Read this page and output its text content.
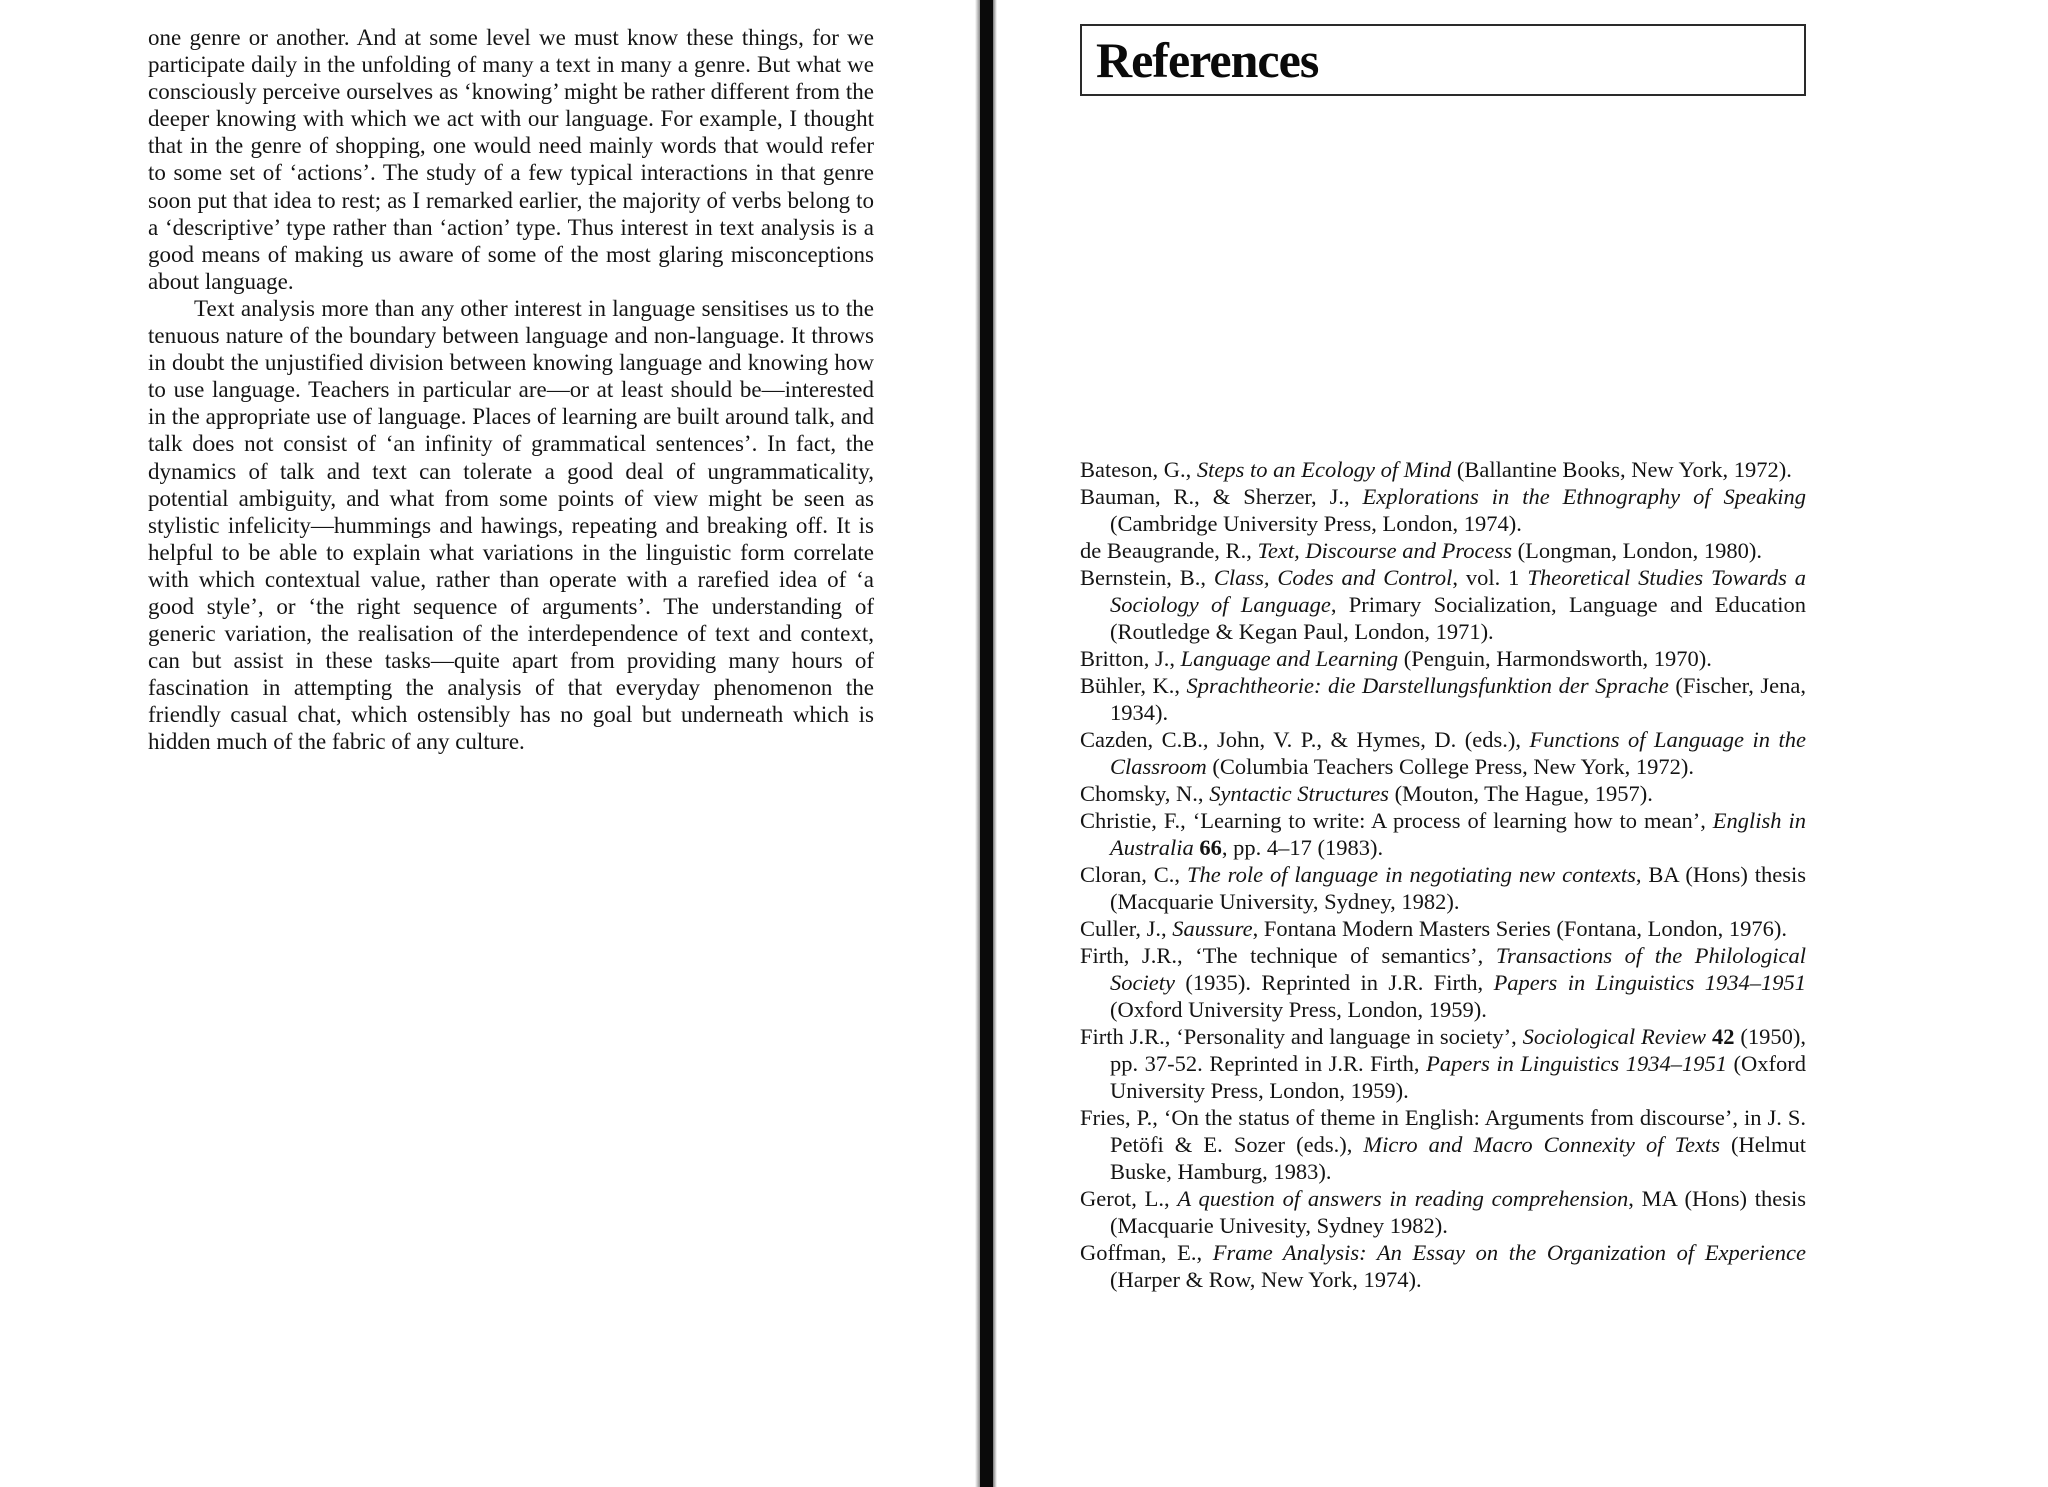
one genre or another. And at some level we must know these things, for we participate daily in the unfolding of many a text in many a genre. But what we consciously perceive ourselves as ‘knowing’ might be rather different from the deeper knowing with which we act with our language. For example, I thought that in the genre of shopping, one would need mainly words that would refer to some set of ‘actions’. The study of a few typical interactions in that genre soon put that idea to rest; as I remarked earlier, the majority of verbs belong to a ‘descriptive’ type rather than ‘action’ type. Thus interest in text analysis is a good means of making us aware of some of the most glaring misconceptions about language.

Text analysis more than any other interest in language sensitises us to the tenuous nature of the boundary between language and non-language. It throws in doubt the unjustified division between knowing language and knowing how to use language. Teachers in particular are—or at least should be—interested in the appropriate use of language. Places of learning are built around talk, and talk does not consist of ‘an infinity of grammatical sentences’. In fact, the dynamics of talk and text can tolerate a good deal of ungrammaticality, potential ambiguity, and what from some points of view might be seen as stylistic infelicity—hummings and hawings, repeating and breaking off. It is helpful to be able to explain what variations in the linguistic form correlate with which contextual value, rather than operate with a rarefied idea of ‘a good style’, or ‘the right sequence of arguments’. The understanding of generic variation, the realisation of the interdependence of text and context, can but assist in these tasks—quite apart from providing many hours of fascination in attempting the analysis of that everyday phenomenon the friendly casual chat, which ostensibly has no goal but underneath which is hidden much of the fabric of any culture.

References
Bateson, G., Steps to an Ecology of Mind (Ballantine Books, New York, 1972).
Bauman, R., & Sherzer, J., Explorations in the Ethnography of Speaking (Cambridge University Press, London, 1974).
de Beaugrande, R., Text, Discourse and Process (Longman, London, 1980).
Bernstein, B., Class, Codes and Control, vol. 1 Theoretical Studies Towards a Sociology of Language, Primary Socialization, Language and Education (Routledge & Kegan Paul, London, 1971).
Britton, J., Language and Learning (Penguin, Harmondsworth, 1970).
Bühler, K., Sprachtheorie: die Darstellungsfunktion der Sprache (Fischer, Jena, 1934).
Cazden, C.B., John, V. P., & Hymes, D. (eds.), Functions of Language in the Classroom (Columbia Teachers College Press, New York, 1972).
Chomsky, N., Syntactic Structures (Mouton, The Hague, 1957).
Christie, F., ‘Learning to write: A process of learning how to mean’, English in Australia 66, pp. 4–17 (1983).
Cloran, C., The role of language in negotiating new contexts, BA (Hons) thesis (Macquarie University, Sydney, 1982).
Culler, J., Saussure, Fontana Modern Masters Series (Fontana, London, 1976).
Firth, J.R., ‘The technique of semantics’, Transactions of the Philological Society (1935). Reprinted in J.R. Firth, Papers in Linguistics 1934–1951 (Oxford University Press, London, 1959).
Firth J.R., ‘Personality and language in society’, Sociological Review 42 (1950), pp. 37-52. Reprinted in J.R. Firth, Papers in Linguistics 1934–1951 (Oxford University Press, London, 1959).
Fries, P., ‘On the status of theme in English: Arguments from discourse’, in J. S. Petöfi & E. Sozer (eds.), Micro and Macro Connexity of Texts (Helmut Buske, Hamburg, 1983).
Gerot, L., A question of answers in reading comprehension, MA (Hons) thesis (Macquarie Univesity, Sydney 1982).
Goffman, E., Frame Analysis: An Essay on the Organization of Experience (Harper & Row, New York, 1974).
